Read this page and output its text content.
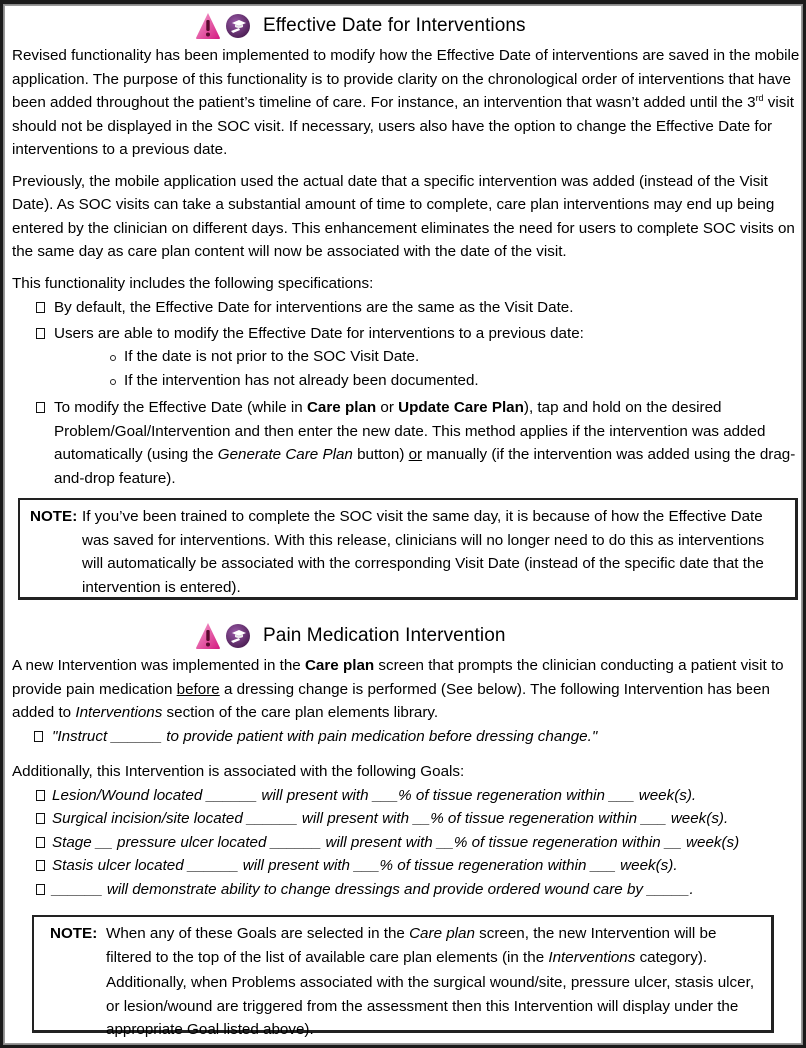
Effective Date for Interventions

Revised functionality has been implemented to modify how the Effective Date of interventions are saved in the mobile application. The purpose of this functionality is to provide clarity on the chronological order of interventions that have been added throughout the patient’s timeline of care. For instance, an intervention that wasn’t added until the 3rd visit should not be displayed in the SOC visit. If necessary, users also have the option to change the Effective Date for interventions to a previous date.

Previously, the mobile application used the actual date that a specific intervention was added (instead of the Visit Date). As SOC visits can take a substantial amount of time to complete, care plan interventions may end up being entered by the clinician on different days. This enhancement eliminates the need for users to complete SOC visits on the same day as care plan content will now be associated with the date of the visit.

This functionality includes the following specifications:

By default, the Effective Date for interventions are the same as the Visit Date.
Users are able to modify the Effective Date for interventions to a previous date:
If the date is not prior to the SOC Visit Date.
If the intervention has not already been documented.
To modify the Effective Date (while in Care plan or Update Care Plan), tap and hold on the desired Problem/Goal/Intervention and then enter the new date. This method applies if the intervention was added automatically (using the Generate Care Plan button) or manually (if the intervention was added using the drag-and-drop feature).
NOTE: If you’ve been trained to complete the SOC visit the same day, it is because of how the Effective Date was saved for interventions. With this release, clinicians will no longer need to do this as interventions will automatically be associated with the corresponding Visit Date (instead of the specific date that the intervention is entered).
Pain Medication Intervention

A new Intervention was implemented in the Care plan screen that prompts the clinician conducting a patient visit to provide pain medication before a dressing change is performed (See below). The following Intervention has been added to Interventions section of the care plan elements library.

"Instruct ______ to provide patient with pain medication before dressing change."

Additionally, this Intervention is associated with the following Goals:

Lesion/Wound located ______ will present with ___% of tissue regeneration within ___ week(s).
Surgical incision/site located ______ will present with __% of tissue regeneration within ___ week(s).
Stage __ pressure ulcer located ______ will present with __% of tissue regeneration within __ week(s)
Stasis ulcer located ______ will present with ___% of tissue regeneration within ___ week(s).
______ will demonstrate ability to change dressings and provide ordered wound care by _____.
NOTE: When any of these Goals are selected in the Care plan screen, the new Intervention will be filtered to the top of the list of available care plan elements (in the Interventions category).
Additionally, when Problems associated with the surgical wound/site, pressure ulcer, stasis ulcer, or lesion/wound are triggered from the assessment then this Intervention will display under the appropriate Goal listed above).
